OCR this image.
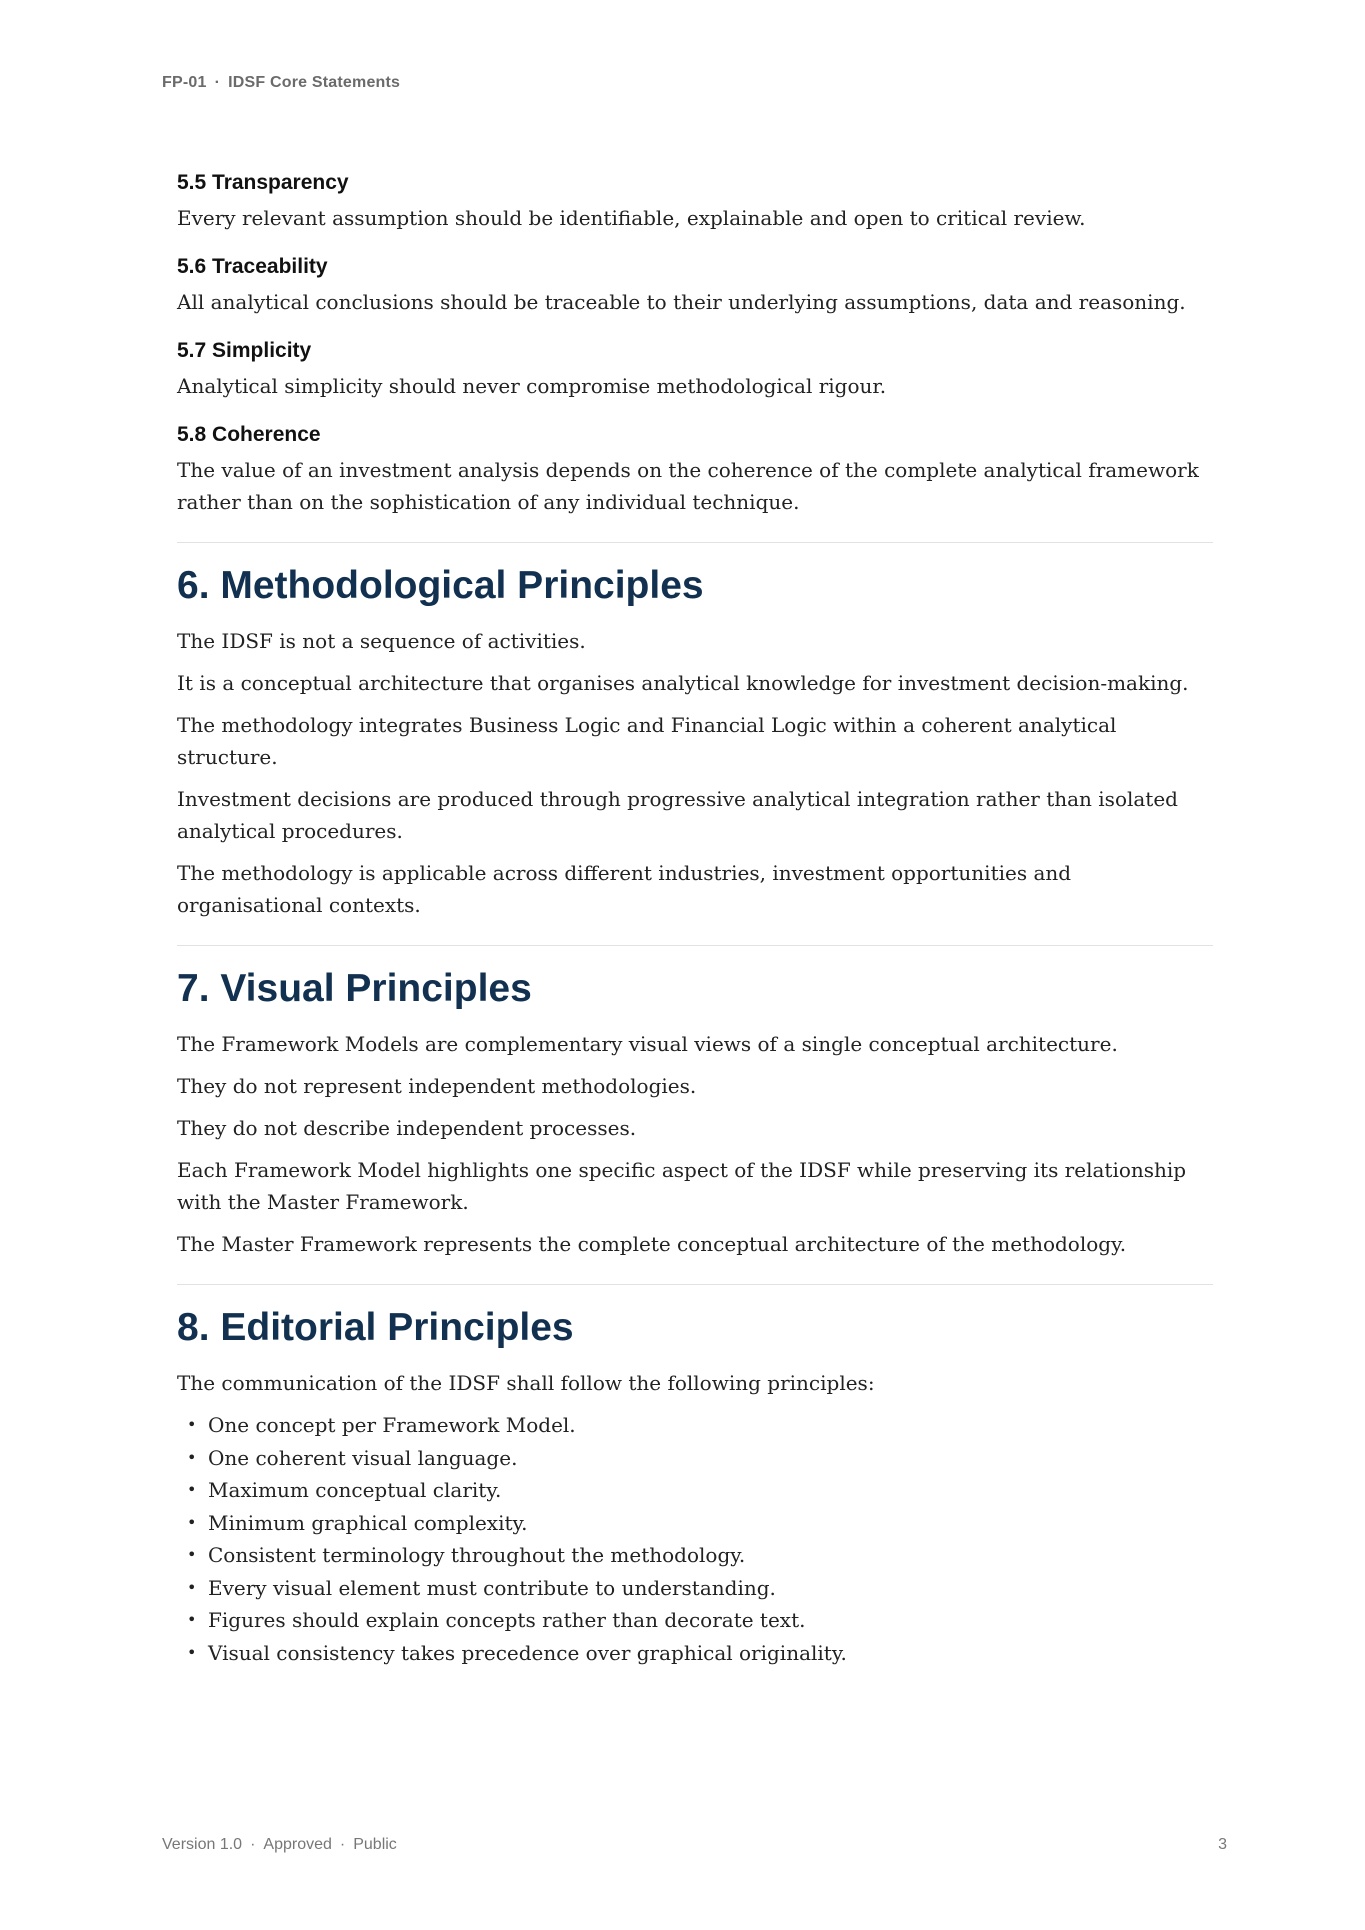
FP-01 · IDSF Core Statements
5.5 Transparency

Every relevant assumption should be identifiable, explainable and open to critical review.

5.6 Traceability

All analytical conclusions should be traceable to their underlying assumptions, data and reasoning.

5.7 Simplicity

Analytical simplicity should never compromise methodological rigour.

5.8 Coherence

The value of an investment analysis depends on the coherence of the complete analytical framework rather than on the sophistication of any individual technique.

6. Methodological Principles

The IDSF is not a sequence of activities.

It is a conceptual architecture that organises analytical knowledge for investment decision-making.

The methodology integrates Business Logic and Financial Logic within a coherent analytical structure.

Investment decisions are produced through progressive analytical integration rather than isolated analytical procedures.

The methodology is applicable across different industries, investment opportunities and organisational contexts.

7. Visual Principles

The Framework Models are complementary visual views of a single conceptual architecture.

They do not represent independent methodologies.

They do not describe independent processes.

Each Framework Model highlights one specific aspect of the IDSF while preserving its relationship with the Master Framework.

The Master Framework represents the complete conceptual architecture of the methodology.

8. Editorial Principles

The communication of the IDSF shall follow the following principles:

• One concept per Framework Model.
• One coherent visual language.
• Maximum conceptual clarity.
• Minimum graphical complexity.
• Consistent terminology throughout the methodology.
• Every visual element must contribute to understanding.
• Figures should explain concepts rather than decorate text.
• Visual consistency takes precedence over graphical originality.
Version 1.0 · Approved · Public	3
